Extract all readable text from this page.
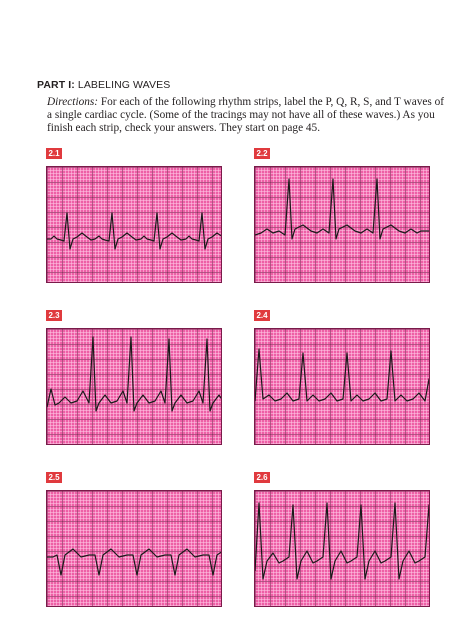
PART I: LABELING WAVES
Directions: For each of the following rhythm strips, label the P, Q, R, S, and T waves of a single cardiac cycle. (Some of the tracings may not have all of these waves.) As you finish each strip, check your answers. They start on page 45.
2.1	2.2
2.3	2.4
2.5	2.6
